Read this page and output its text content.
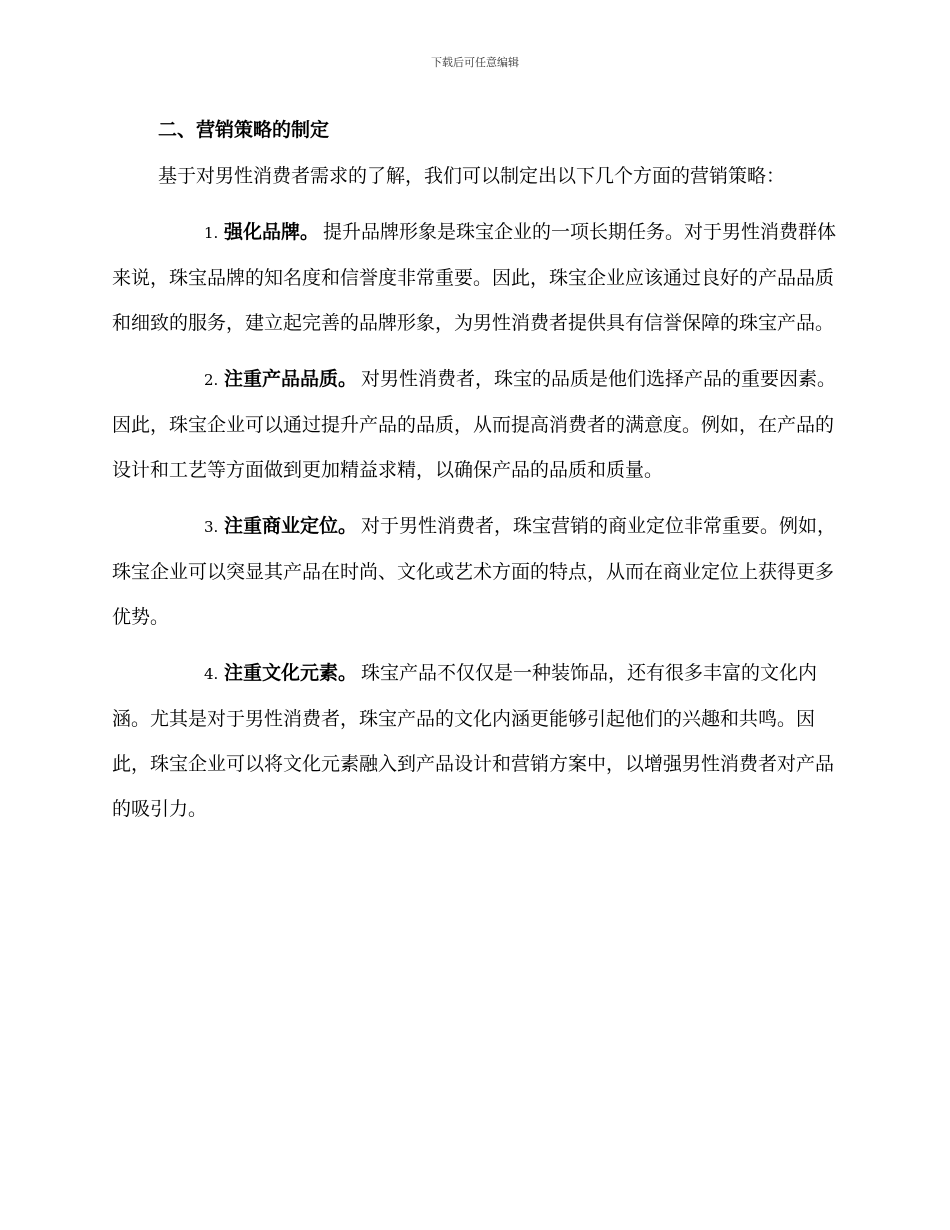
下载后可任意编辑
二、营销策略的制定

基于对男性消费者需求的了解，我们可以制定出以下几个方面的营销策略：

1. 强化品牌。 提升品牌形象是珠宝企业的一项长期任务。对于男性消费群体来说，珠宝品牌的知名度和信誉度非常重要。因此，珠宝企业应该通过良好的产品品质和细致的服务，建立起完善的品牌形象，为男性消费者提供具有信誉保障的珠宝产品。

2. 注重产品品质。 对男性消费者，珠宝的品质是他们选择产品的重要因素。因此，珠宝企业可以通过提升产品的品质，从而提高消费者的满意度。例如，在产品的设计和工艺等方面做到更加精益求精，以确保产品的品质和质量。

3. 注重商业定位。 对于男性消费者，珠宝营销的商业定位非常重要。例如，珠宝企业可以突显其产品在时尚、文化或艺术方面的特点，从而在商业定位上获得更多优势。

4. 注重文化元素。 珠宝产品不仅仅是一种装饰品，还有很多丰富的文化内涵。尤其是对于男性消费者，珠宝产品的文化内涵更能够引起他们的兴趣和共鸣。因此，珠宝企业可以将文化元素融入到产品设计和营销方案中，以增强男性消费者对产品的吸引力。
